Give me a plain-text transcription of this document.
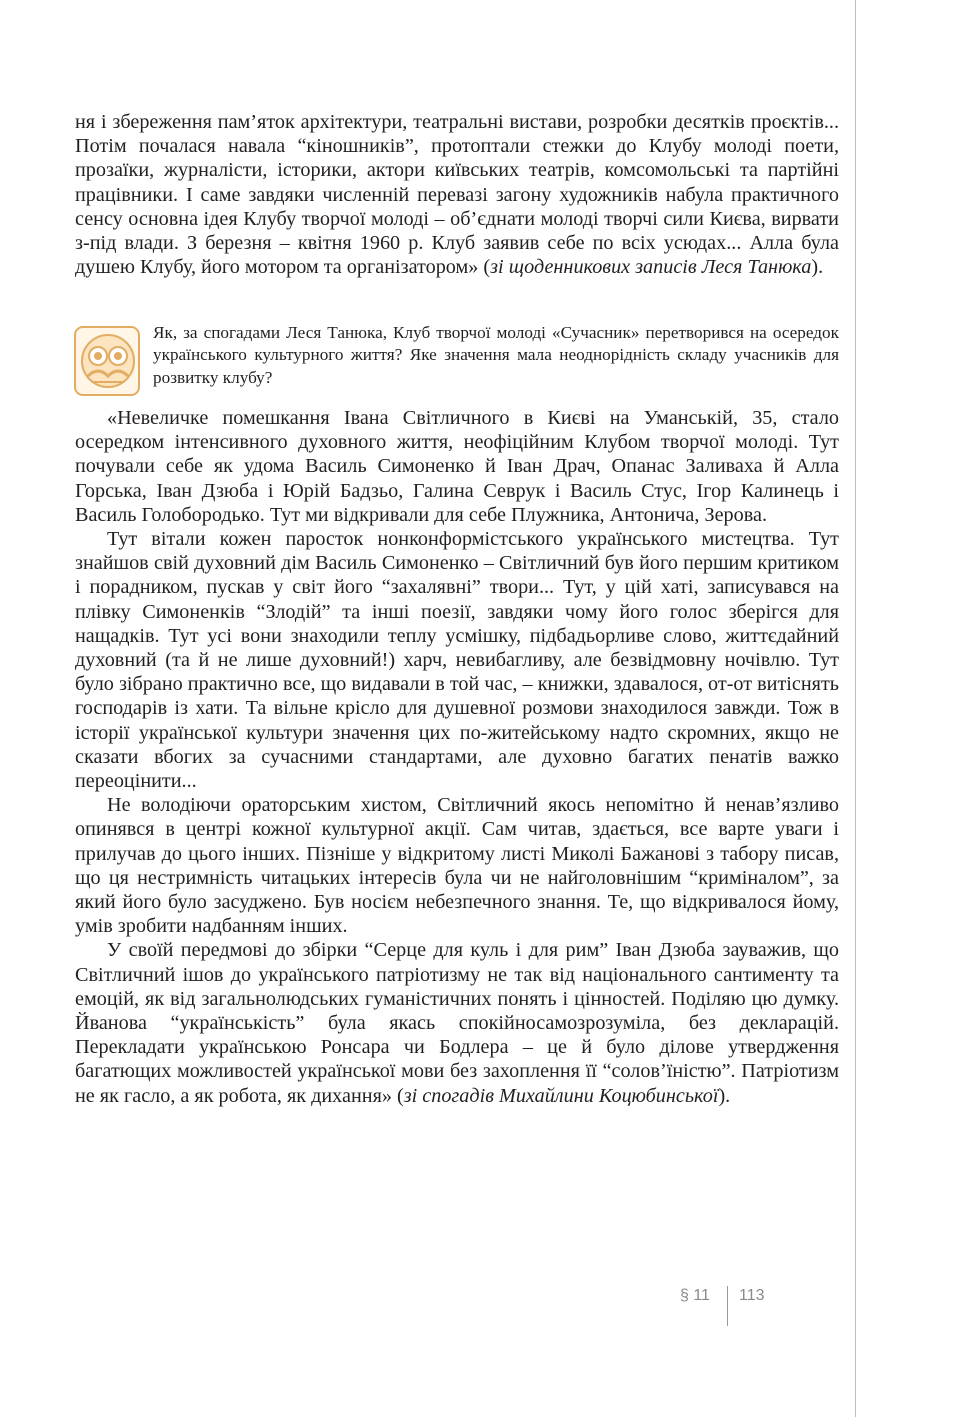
ня і збереження пам’яток архітектури, театральні вистави, розробки десятків проєктів... Потім почалася навала “кіношників”, протоптали стежки до Клубу молоді поети, прозаїки, журналісти, історики, актори київських театрів, комсомольські та партійні працівники. І саме завдяки численній перевазі загону художників набула практичного сенсу основна ідея Клубу творчої молоді – об’єднати молоді творчі сили Києва, вирвати з-під влади. З березня – квітня 1960 р. Клуб заявив себе по всіх усюдах... Алла була душею Клубу, його мотором та організатором» (зі щоденникових записів Леся Танюка).

Як, за спогадами Леся Танюка, Клуб творчої молоді «Сучасник» перетворився на осередок українського культурного життя? Яке значення мала неоднорідність складу учасників для розвитку клубу?

«Невеличке помешкання Івана Світличного в Києві на Уманській, 35, стало осередком інтенсивного духовного життя, неофіційним Клубом творчої молоді. Тут почували себе як удома Василь Симоненко й Іван Драч, Опанас Заливаха й Алла Горська, Іван Дзюба і Юрій Бадзьо, Галина Севрук і Василь Стус, Ігор Калинець і Василь Голобородько. Тут ми відкривали для себе Плужника, Антонича, Зерова.

Тут вітали кожен паросток нонконформістського українського мистецтва. Тут знайшов свій духовний дім Василь Симоненко – Світличний був його першим критиком і порадником, пускав у світ його “захалявні” твори... Тут, у цій хаті, записувався на плівку Симоненків “Злодій” та інші поезії, завдяки чому його голос зберігся для нащадків. Тут усі вони знаходили теплу усмішку, підбадьорливе слово, життєдайний духовний (та й не лише духовний!) харч, невибагливу, але безвідмовну ночівлю. Тут було зібрано практично все, що видавали в той час, – книжки, здавалося, от-от витіснять господарів із хати. Та вільне крісло для душевної розмови знаходилося завжди. Тож в історії української культури значення цих по-житейському надто скромних, якщо не сказати вбогих за сучасними стандартами, але духовно багатих пенатів важко переоцінити...

Не володіючи ораторським хистом, Світличний якось непомітно й ненав’язливо опинявся в центрі кожної культурної акції. Сам читав, здається, все варте уваги і прилучав до цього інших. Пізніше у відкритому листі Миколі Бажанові з табору писав, що ця нестримність читацьких інтересів була чи не найголовнішим “криміналом”, за який його було засуджено. Був носієм небезпечного знання. Те, що відкривалося йому, умів зробити надбанням інших.

У своїй передмові до збірки “Серце для куль і для рим” Іван Дзюба зауважив, що Світличний ішов до українського патріотизму не так від національного сантименту та емоцій, як від загальнолюдських гуманістичних понять і цінностей. Поділяю цю думку. Йванова “українськість” була якась спокійносамозрозуміла, без декларацій. Перекладати українською Ронсара чи Бодлера – це й було ділове утвердження багатющих можливостей української мови без захоплення її “солов’їністю”. Патріотизм не як гасло, а як робота, як дихання» (зі спогадів Михайлини Коцюбинської).

§ 11 113
